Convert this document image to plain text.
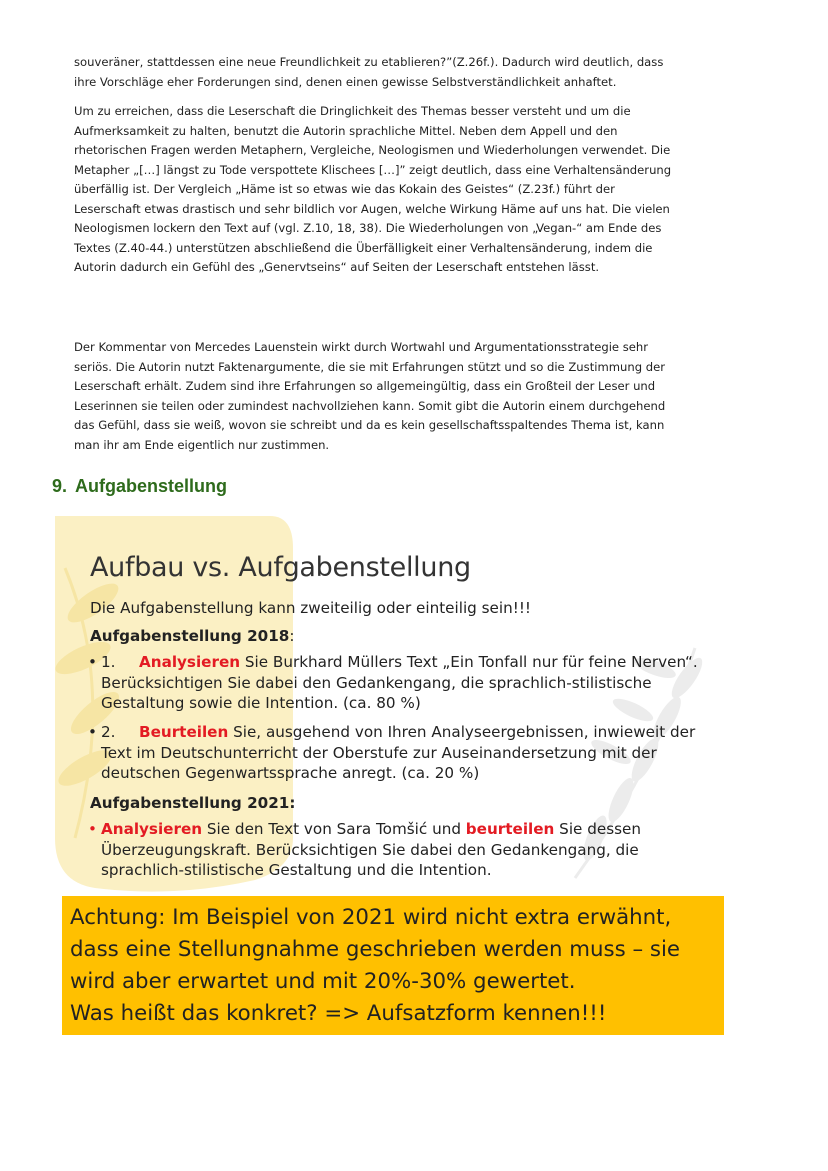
souveräner, stattdessen eine neue Freundlichkeit zu etablieren?”(Z.26f.). Dadurch wird deutlich, dass ihre Vorschläge eher Forderungen sind, denen einen gewisse Selbstverständlichkeit anhaftet.

Um zu erreichen, dass die Leserschaft die Dringlichkeit des Themas besser versteht und um die Aufmerksamkeit zu halten, benutzt die Autorin sprachliche Mittel. Neben dem Appell und den rhetorischen Fragen werden Metaphern, Vergleiche, Neologismen und Wiederholungen verwendet. Die Metapher „[…] längst zu Tode verspottete Klischees […]” zeigt deutlich, dass eine Verhaltensänderung überfällig ist. Der Vergleich „Häme ist so etwas wie das Kokain des Geistes“ (Z.23f.) führt der Leserschaft etwas drastisch und sehr bildlich vor Augen, welche Wirkung Häme auf uns hat. Die vielen Neologismen lockern den Text auf (vgl. Z.10, 18, 38). Die Wiederholungen von „Vegan-“ am Ende des Textes (Z.40-44.) unterstützen abschließend die Überfälligkeit einer Verhaltensänderung, indem die Autorin dadurch ein Gefühl des „Genervtseins“ auf Seiten der Leserschaft entstehen lässt.

Der Kommentar von Mercedes Lauenstein wirkt durch Wortwahl und Argumentationsstrategie sehr seriös. Die Autorin nutzt Faktenargumente, die sie mit Erfahrungen stützt und so die Zustimmung der Leserschaft erhält. Zudem sind ihre Erfahrungen so allgemeingültig, dass ein Großteil der Leser und Leserinnen sie teilen oder zumindest nachvollziehen kann. Somit gibt die Autorin einem durchgehend das Gefühl, dass sie weiß, wovon sie schreibt und da es kein gesellschaftsspaltendes Thema ist, kann man ihr am Ende eigentlich nur zustimmen.

9. Aufgabenstellung
Aufbau vs. Aufgabenstellung

Die Aufgabenstellung kann zweiteilig oder einteilig sein!!!

Aufgabenstellung 2018:

• 1. Analysieren Sie Burkhard Müllers Text „Ein Tonfall nur für feine Nerven“. Berücksichtigen Sie dabei den Gedankengang, die sprachlich-stilistische Gestaltung sowie die Intention. (ca. 80 %)
• 2. Beurteilen Sie, ausgehend von Ihren Analyseergebnissen, inwieweit der Text im Deutschunterricht der Oberstufe zur Auseinandersetzung mit der deutschen Gegenwartssprache anregt. (ca. 20 %)

Aufgabenstellung 2021:

• Analysieren Sie den Text von Sara Tomšić und beurteilen Sie dessen Überzeugungskraft. Berücksichtigen Sie dabei den Gedankengang, die sprachlich-stilistische Gestaltung und die Intention.
Achtung: Im Beispiel von 2021 wird nicht extra erwähnt,
dass eine Stellungnahme geschrieben werden muss – sie
wird aber erwartet und mit 20%-30% gewertet.
Was heißt das konkret? => Aufsatzform kennen!!!
